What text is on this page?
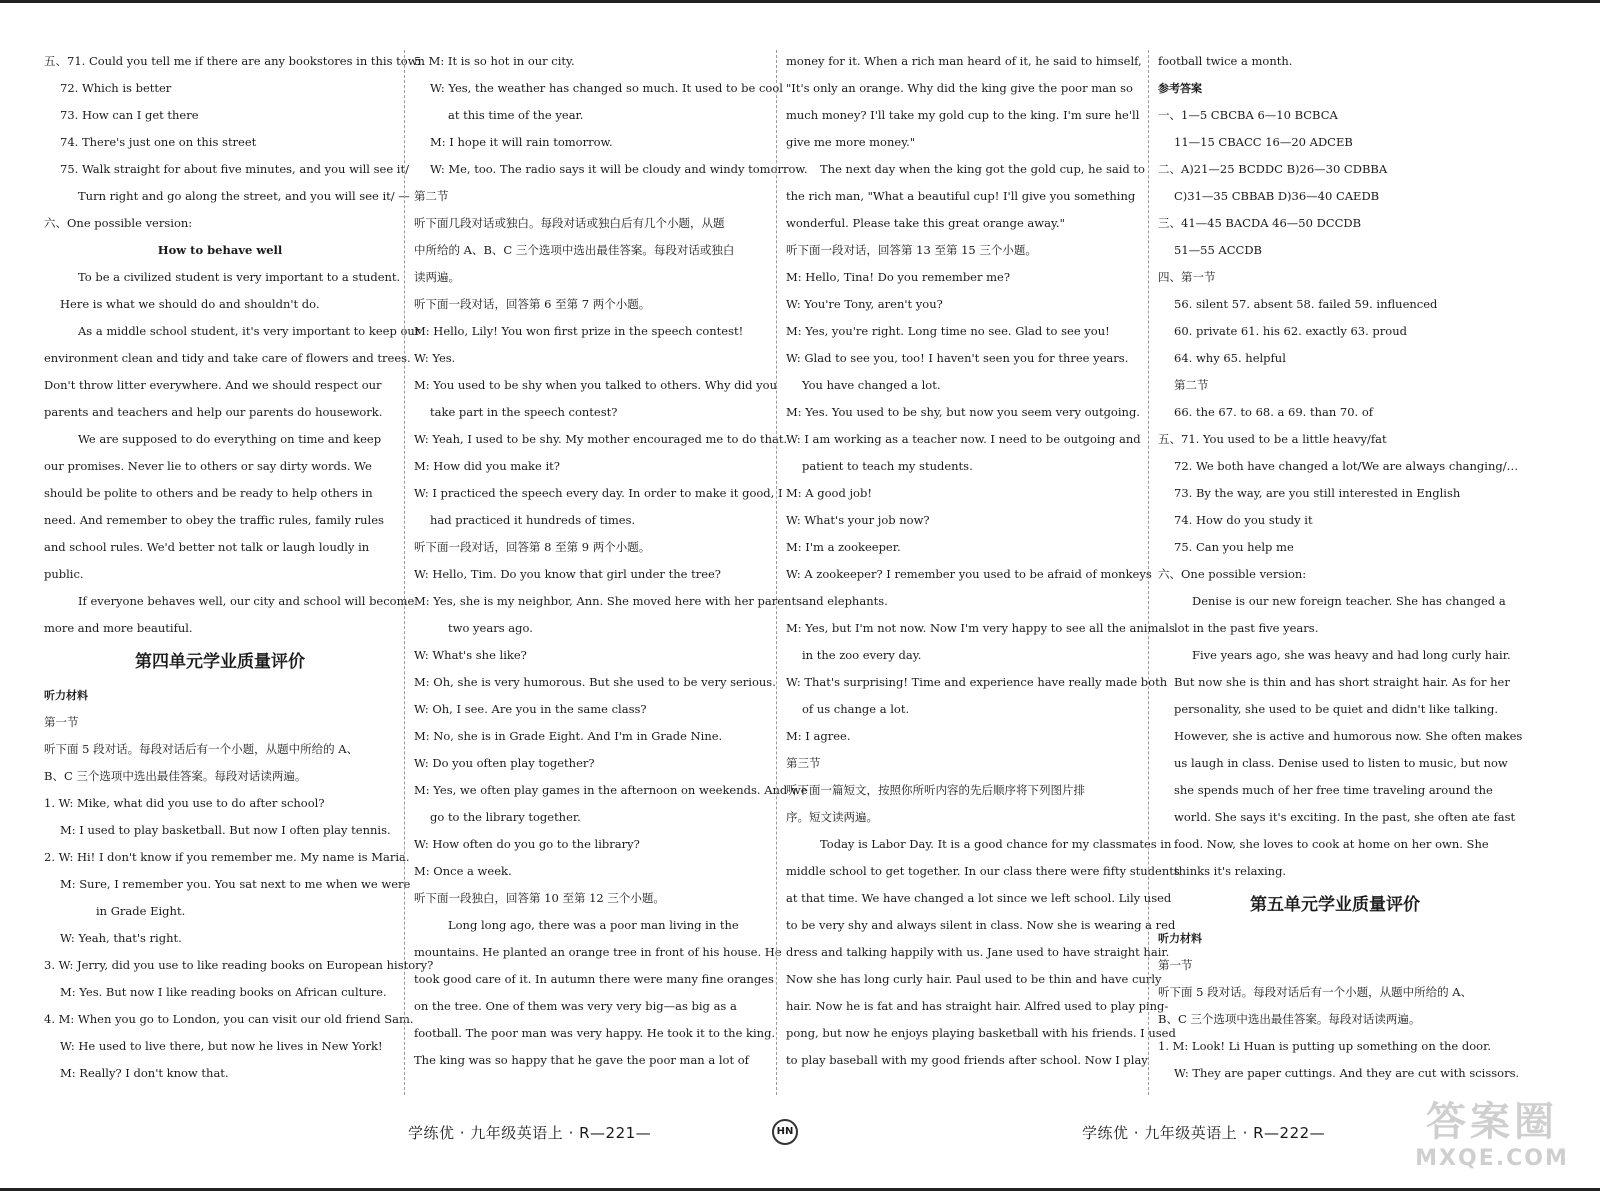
五、71. Could you tell me if there are any bookstores in this town

72. Which is better

73. How can I get there

74. There's just one on this street

75. Walk straight for about five minutes, and you will see it/

Turn right and go along the street, and you will see it/ —

六、One possible version:

How to behave well

To be a civilized student is very important to a student.

Here is what we should do and shouldn't do.

As a middle school student, it's very important to keep our

environment clean and tidy and take care of flowers and trees.

Don't throw litter everywhere. And we should respect our

parents and teachers and help our parents do housework.

We are supposed to do everything on time and keep

our promises. Never lie to others or say dirty words. We

should be polite to others and be ready to help others in

need. And remember to obey the traffic rules, family rules

and school rules. We'd better not talk or laugh loudly in

public.

If everyone behaves well, our city and school will become

more and more beautiful.

第四单元学业质量评价

听力材料

第一节

听下面 5 段对话。每段对话后有一个小题，从题中所给的 A、

B、C 三个选项中选出最佳答案。每段对话读两遍。

1. W: Mike, what did you use to do after school?

M: I used to play basketball. But now I often play tennis.

2. W: Hi! I don't know if you remember me. My name is Maria.

M: Sure, I remember you. You sat next to me when we were

in Grade Eight.

W: Yeah, that's right.

3. W: Jerry, did you use to like reading books on European history?

M: Yes. But now I like reading books on African culture.

4. M: When you go to London, you can visit our old friend Sam.

W: He used to live there, but now he lives in New York!

M: Really? I don't know that.

5. M: It is so hot in our city.

W: Yes, the weather has changed so much. It used to be cool

at this time of the year.

M: I hope it will rain tomorrow.

W: Me, too. The radio says it will be cloudy and windy tomorrow.

第二节

听下面几段对话或独白。每段对话或独白后有几个小题，从题

中所给的 A、B、C 三个选项中选出最佳答案。每段对话或独白

读两遍。

听下面一段对话，回答第 6 至第 7 两个小题。

M: Hello, Lily! You won first prize in the speech contest!

W: Yes.

M: You used to be shy when you talked to others. Why did you

take part in the speech contest?

W: Yeah, I used to be shy. My mother encouraged me to do that.

M: How did you make it?

W: I practiced the speech every day. In order to make it good, I

had practiced it hundreds of times.

听下面一段对话，回答第 8 至第 9 两个小题。

W: Hello, Tim. Do you know that girl under the tree?

M: Yes, she is my neighbor, Ann. She moved here with her parents

two years ago.

W: What's she like?

M: Oh, she is very humorous. But she used to be very serious.

W: Oh, I see. Are you in the same class?

M: No, she is in Grade Eight. And I'm in Grade Nine.

W: Do you often play together?

M: Yes, we often play games in the afternoon on weekends. And we

go to the library together.

W: How often do you go to the library?

M: Once a week.

听下面一段独白，回答第 10 至第 12 三个小题。

Long long ago, there was a poor man living in the

mountains. He planted an orange tree in front of his house. He

took good care of it. In autumn there were many fine oranges

on the tree. One of them was very very big—as big as a

football. The poor man was very happy. He took it to the king.

The king was so happy that he gave the poor man a lot of

money for it. When a rich man heard of it, he said to himself,

"It's only an orange. Why did the king give the poor man so

much money? I'll take my gold cup to the king. I'm sure he'll

give me more money."

The next day when the king got the gold cup, he said to

the rich man, "What a beautiful cup! I'll give you something

wonderful. Please take this great orange away."

听下面一段对话，回答第 13 至第 15 三个小题。

M: Hello, Tina! Do you remember me?

W: You're Tony, aren't you?

M: Yes, you're right. Long time no see. Glad to see you!

W: Glad to see you, too! I haven't seen you for three years.

You have changed a lot.

M: Yes. You used to be shy, but now you seem very outgoing.

W: I am working as a teacher now. I need to be outgoing and

patient to teach my students.

M: A good job!

W: What's your job now?

M: I'm a zookeeper.

W: A zookeeper? I remember you used to be afraid of monkeys

and elephants.

M: Yes, but I'm not now. Now I'm very happy to see all the animals

in the zoo every day.

W: That's surprising! Time and experience have really made both

of us change a lot.

M: I agree.

第三节

听下面一篇短文，按照你所听内容的先后顺序将下列图片排

序。短文读两遍。

Today is Labor Day. It is a good chance for my classmates in

middle school to get together. In our class there were fifty students

at that time. We have changed a lot since we left school. Lily used

to be very shy and always silent in class. Now she is wearing a red

dress and talking happily with us. Jane used to have straight hair.

Now she has long curly hair. Paul used to be thin and have curly

hair. Now he is fat and has straight hair. Alfred used to play ping-

pong, but now he enjoys playing basketball with his friends. I used

to play baseball with my good friends after school. Now I play

football twice a month.

参考答案

一、1—5 CBCBA 6—10 BCBCA

11—15 CBACC 16—20 ADCEB

二、A)21—25 BCDDC B)26—30 CDBBA

C)31—35 CBBAB D)36—40 CAEDB

三、41—45 BACDA 46—50 DCCDB

51—55 ACCDB

四、第一节

56. silent 57. absent 58. failed 59. influenced

60. private 61. his 62. exactly 63. proud

64. why 65. helpful

第二节

66. the 67. to 68. a 69. than 70. of

五、71. You used to be a little heavy/fat

72. We both have changed a lot/We are always changing/…

73. By the way, are you still interested in English

74. How do you study it

75. Can you help me

六、One possible version:

Denise is our new foreign teacher. She has changed a

lot in the past five years.

Five years ago, she was heavy and had long curly hair.

But now she is thin and has short straight hair. As for her

personality, she used to be quiet and didn't like talking.

However, she is active and humorous now. She often makes

us laugh in class. Denise used to listen to music, but now

she spends much of her free time traveling around the

world. She says it's exciting. In the past, she often ate fast

food. Now, she loves to cook at home on her own. She

thinks it's relaxing.

第五单元学业质量评价

听力材料

第一节

听下面 5 段对话。每段对话后有一个小题，从题中所给的 A、

B、C 三个选项中选出最佳答案。每段对话读两遍。

1. M: Look! Li Huan is putting up something on the door.

W: They are paper cuttings. And they are cut with scissors.

学练优 · 九年级英语上 · R—221—	学练优 · 九年级英语上 · R—222—
HN	答案圈
MXQE.COM
